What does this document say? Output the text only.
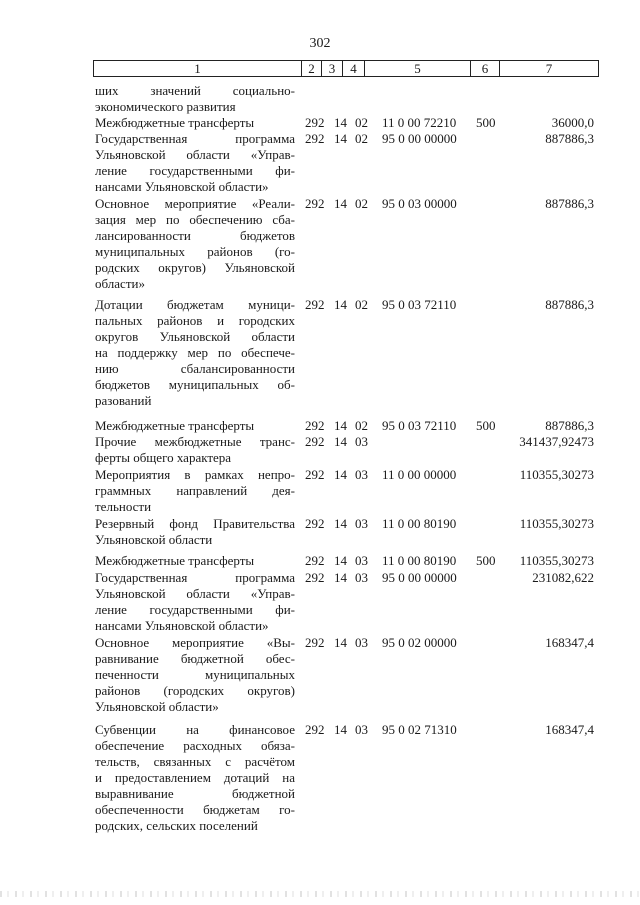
302
1	2	3	4	5	6	7
ших значений социально-
экономического развития
Межбюджетные трансферты	292 14 02 11 0 00 72210 500	36000,0
Государственная программа
Ульяновской области «Управ-
ление государственными фи-
нансами Ульяновской области»
292 14 02 95 0 00 00000	887886,3
Основное мероприятие «Реали-
зация мер по обеспечению сба-
лансированности бюджетов
муниципальных районов (го-
родских округов) Ульяновской
области»
292 14 02 95 0 03 00000	887886,3
Дотации бюджетам муници-
пальных районов и городских
округов Ульяновской области
на поддержку мер по обеспече-
нию сбалансированности
бюджетов муниципальных об-
разований
292 14 02 95 0 03 72110	887886,3
Межбюджетные трансферты	292 14 02 95 0 03 72110 500	887886,3
Прочие межбюджетные транс-
ферты общего характера
292 14 03	341437,92473
Мероприятия в рамках непро-
граммных направлений дея-
тельности
292 14 03 11 0 00 00000	110355,30273
Резервный фонд Правительства
Ульяновской области
292 14 03 11 0 00 80190	110355,30273
Межбюджетные трансферты	292 14 03 11 0 00 80190 500 110355,30273
Государственная программа
Ульяновской области «Управ-
ление государственными фи-
нансами Ульяновской области»
292 14 03 95 0 00 00000	231082,622
Основное мероприятие «Вы-
равнивание бюджетной обес-
печенности муниципальных
районов (городских округов)
Ульяновской области»
292 14 03 95 0 02 00000	168347,4
Субвенции на финансовое
обеспечение расходных обяза-
тельств, связанных с расчётом
и предоставлением дотаций на
выравнивание бюджетной
обеспеченности бюджетам го-
родских, сельских поселений
292 14 03 95 0 02 71310	168347,4
